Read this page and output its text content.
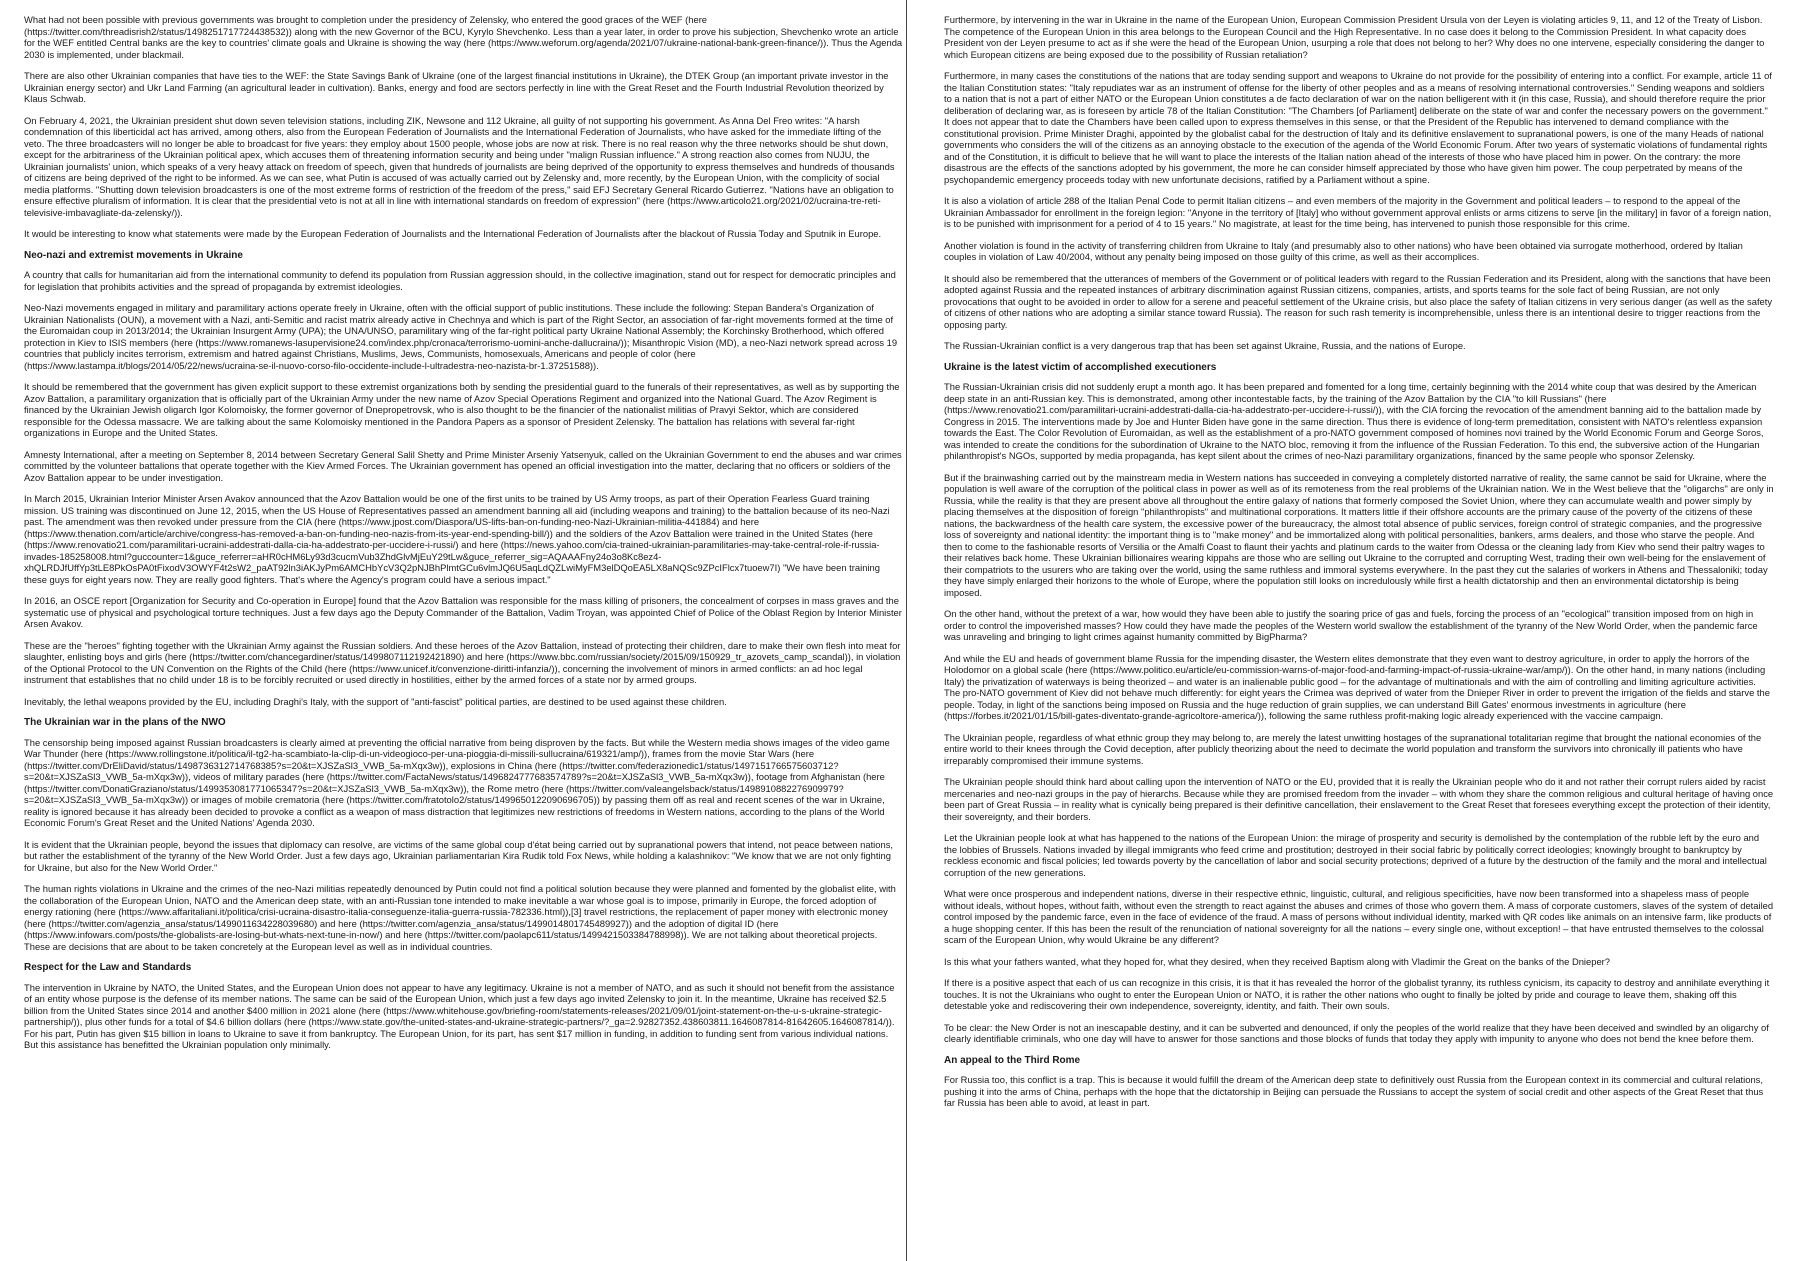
What had not been possible with previous governments was brought to completion under the presidency of Zelensky, who entered the good graces of the WEF (here (https://twitter.com/threadisrish2/status/1498251717724438532)) along with the new Governor of the BCU, Kyrylo Shevchenko. Less than a year later, in order to prove his subjection, Shevchenko wrote an article for the WEF entitled Central banks are the key to countries' climate goals and Ukraine is showing the way (here (https://www.weforum.org/agenda/2021/07/ukraine-national-bank-green-finance/)). Thus the Agenda 2030 is implemented, under blackmail.

There are also other Ukrainian companies that have ties to the WEF: the State Savings Bank of Ukraine (one of the largest financial institutions in Ukraine), the DTEK Group (an important private investor in the Ukrainian energy sector) and Ukr Land Farming (an agricultural leader in cultivation). Banks, energy and food are sectors perfectly in line with the Great Reset and the Fourth Industrial Revolution theorized by Klaus Schwab.

On February 4, 2021, the Ukrainian president shut down seven television stations, including ZIK, Newsone and 112 Ukraine, all guilty of not supporting his government. As Anna Del Freo writes: "A harsh condemnation of this liberticidal act has arrived, among others, also from the European Federation of Journalists and the International Federation of Journalists, who have asked for the immediate lifting of the veto. The three broadcasters will no longer be able to broadcast for five years: they employ about 1500 people, whose jobs are now at risk. There is no real reason why the three networks should be shut down, except for the arbitrariness of the Ukrainian political apex, which accuses them of threatening information security and being under "malign Russian influence." A strong reaction also comes from NUJU, the Ukrainian journalists' union, which speaks of a very heavy attack on freedom of speech, given that hundreds of journalists are being deprived of the opportunity to express themselves and hundreds of thousands of citizens are being deprived of the right to be informed. As we can see, what Putin is accused of was actually carried out by Zelensky and, more recently, by the European Union, with the complicity of social media platforms. "Shutting down television broadcasters is one of the most extreme forms of restriction of the freedom of the press," said EFJ Secretary General Ricardo Gutierrez. "Nations have an obligation to ensure effective pluralism of information. It is clear that the presidential veto is not at all in line with international standards on freedom of expression" (here (https://www.articolo21.org/2021/02/ucraina-tre-reti-televisive-imbavagliate-da-zelensky/)).

It would be interesting to know what statements were made by the European Federation of Journalists and the International Federation of Journalists after the blackout of Russia Today and Sputnik in Europe.

Neo-nazi and extremist movements in Ukraine

A country that calls for humanitarian aid from the international community to defend its population from Russian aggression should, in the collective imagination, stand out for respect for democratic principles and for legislation that prohibits activities and the spread of propaganda by extremist ideologies.

Neo-Nazi movements engaged in military and paramilitary actions operate freely in Ukraine, often with the official support of public institutions. These include the following: Stepan Bandera's Organization of Ukrainian Nationalists (OUN), a movement with a Nazi, anti-Semitic and racist matrix already active in Chechnya and which is part of the Right Sector, an association of far-right movements formed at the time of the Euromaidan coup in 2013/2014; the Ukrainian Insurgent Army (UPA); the UNA/UNSO, paramilitary wing of the far-right political party Ukraine National Assembly; the Korchinsky Brotherhood, which offered protection in Kiev to ISIS members (here (https://www.romanews-lasupervisione24.com/index.php/cronaca/terrorismo-uomini-anche-dallucraina/)); Misanthropic Vision (MD), a neo-Nazi network spread across 19 countries that publicly incites terrorism, extremism and hatred against Christians, Muslims, Jews, Communists, homosexuals, Americans and people of color (here (https://www.lastampa.it/blogs/2014/05/22/news/ucraina-se-il-nuovo-corso-filo-occidente-include-l-ultradestra-neo-nazista-br-1.37251588)).

It should be remembered that the government has given explicit support to these extremist organizations both by sending the presidential guard to the funerals of their representatives, as well as by supporting the Azov Battalion, a paramilitary organization that is officially part of the Ukrainian Army under the new name of Azov Special Operations Regiment and organized into the National Guard. The Azov Regiment is financed by the Ukrainian Jewish oligarch Igor Kolomoisky, the former governor of Dnepropetrovsk, who is also thought to be the financier of the nationalist militias of Pravyi Sektor, which are considered responsible for the Odessa massacre. We are talking about the same Kolomoisky mentioned in the Pandora Papers as a sponsor of President Zelensky. The battalion has relations with several far-right organizations in Europe and the United States.

Amnesty International, after a meeting on September 8, 2014 between Secretary General Salil Shetty and Prime Minister Arseniy Yatsenyuk, called on the Ukrainian Government to end the abuses and war crimes committed by the volunteer battalions that operate together with the Kiev Armed Forces. The Ukrainian government has opened an official investigation into the matter, declaring that no officers or soldiers of the Azov Battalion appear to be under investigation.

In March 2015, Ukrainian Interior Minister Arsen Avakov announced that the Azov Battalion would be one of the first units to be trained by US Army troops, as part of their Operation Fearless Guard training mission. US training was discontinued on June 12, 2015, when the US House of Representatives passed an amendment banning all aid (including weapons and training) to the battalion because of its neo-Nazi past. The amendment was then revoked under pressure from the CIA (here (https://www.jpost.com/Diaspora/US-lifts-ban-on-funding-neo-Nazi-Ukrainian-militia-441884) and here (https://www.thenation.com/article/archive/congress-has-removed-a-ban-on-funding-neo-nazis-from-its-year-end-spending-bill/)) and the soldiers of the Azov Battalion were trained in the United States (here (https://www.renovatio21.com/paramilitari-ucraini-addestrati-dalla-cia-ha-addestrato-per-uccidere-i-russi/) and here (https://news.yahoo.com/cia-trained-ukrainian-paramilitaries-may-take-central-role-if-russia-invades-185258008.html?guccounter=1&guce_referrer=aHR0cHM6Ly93d3cucmVub3ZhdGlvMjEuY29tLw&guce_referrer_sig=AQAAAFny24o3o8Kc8ez4-xhQLRDJfUffYp3tLE8PkOsPA0tFixodV3OWYF4t2sW2_paAT92ln3iAKJyPm6AMCHbYcV3Q2pNJBhPlmtGCu6vlmJQ6U5aqLdQZLwiMyFM3elDQoEA5LX8aNQSc9ZPcIFlcx7tuoew7I) "We have been training these guys for eight years now. They are really good fighters. That's where the Agency's program could have a serious impact."

In 2016, an OSCE report [Organization for Security and Co-operation in Europe] found that the Azov Battalion was responsible for the mass killing of prisoners, the concealment of corpses in mass graves and the systematic use of physical and psychological torture techniques. Just a few days ago the Deputy Commander of the Battalion, Vadim Troyan, was appointed Chief of Police of the Oblast Region by Interior Minister Arsen Avakov.

These are the "heroes" fighting together with the Ukrainian Army against the Russian soldiers. And these heroes of the Azov Battalion, instead of protecting their children, dare to make their own flesh into meat for slaughter, enlisting boys and girls (here (https://twitter.com/chancegardiner/status/1499807112192421890) and here (https://www.bbc.com/russian/society/2015/09/150929_tr_azovets_camp_scandal)), in violation of the Optional Protocol to the UN Convention on the Rights of the Child (here (https://www.unicef.it/convenzione-diritti-infanzia/)), concerning the involvement of minors in armed conflicts: an ad hoc legal instrument that establishes that no child under 18 is to be forcibly recruited or used directly in hostilities, either by the armed forces of a state nor by armed groups.

Inevitably, the lethal weapons provided by the EU, including Draghi's Italy, with the support of "anti-fascist" political parties, are destined to be used against these children.

The Ukrainian war in the plans of the NWO

The censorship being imposed against Russian broadcasters is clearly aimed at preventing the official narrative from being disproven by the facts. But while the Western media shows images of the video game War Thunder (here (https://www.rollingstone.it/politica/il-tg2-ha-scambiato-la-clip-di-un-videogioco-per-una-pioggia-di-missili-sullucraina/619321/amp/)), frames from the movie Star Wars (here (https://twitter.com/DrEliDavid/status/1498736312714768385?s=20&t=XJSZaSl3_VWB_5a-mXqx3w)), explosions in China (here (https://twitter.com/federazionedic1/status/1497151766575603712?s=20&t=XJSZaSl3_VWB_5a-mXqx3w)), videos of military parades (here (https://twitter.com/FactaNews/status/1496824777683574789?s=20&t=XJSZaSl3_VWB_5a-mXqx3w)), footage from Afghanistan (here (https://twitter.com/DonatiGraziano/status/1499353081771065347?s=20&t=XJSZaSl3_VWB_5a-mXqx3w)), the Rome metro (here (https://twitter.com/valeangelsback/status/1498910882276909979?s=20&t=XJSZaSl3_VWB_5a-mXqx3w)) or images of mobile crematoria (here (https://twitter.com/fratotolo2/status/1499650122090696705)) by passing them off as real and recent scenes of the war in Ukraine, reality is ignored because it has already been decided to provoke a conflict as a weapon of mass distraction that legitimizes new restrictions of freedoms in Western nations, according to the plans of the World Economic Forum's Great Reset and the United Nations' Agenda 2030.

It is evident that the Ukrainian people, beyond the issues that diplomacy can resolve, are victims of the same global coup d'état being carried out by supranational powers that intend, not peace between nations, but rather the establishment of the tyranny of the New World Order. Just a few days ago, Ukrainian parliamentarian Kira Rudik told Fox News, while holding a kalashnikov: "We know that we are not only fighting for Ukraine, but also for the New World Order."

The human rights violations in Ukraine and the crimes of the neo-Nazi militias repeatedly denounced by Putin could not find a political solution because they were planned and fomented by the globalist elite, with the collaboration of the European Union, NATO and the American deep state, with an anti-Russian tone intended to make inevitable a war whose goal is to impose, primarily in Europe, the forced adoption of energy rationing (here (https://www.affaritaliani.it/politica/crisi-ucraina-disastro-italia-conseguenze-italia-guerra-russia-782336.html)),[3] travel restrictions, the replacement of paper money with electronic money (here (https://twitter.com/agenzia_ansa/status/1499011634228039680) and here (https://twitter.com/agenzia_ansa/status/1499014801745489927)) and the adoption of digital ID (here (https://www.infowars.com/posts/the-globalists-are-losing-but-whats-next-tune-in-now/) and here (https://twitter.com/paolapc611/status/1499421503384788998)). We are not talking about theoretical projects. These are decisions that are about to be taken concretely at the European level as well as in individual countries.

Respect for the Law and Standards

The intervention in Ukraine by NATO, the United States, and the European Union does not appear to have any legitimacy. Ukraine is not a member of NATO, and as such it should not benefit from the assistance of an entity whose purpose is the defense of its member nations. The same can be said of the European Union, which just a few days ago invited Zelensky to join it. In the meantime, Ukraine has received $2.5 billion from the United States since 2014 and another $400 million in 2021 alone (here (https://www.whitehouse.gov/briefing-room/statements-releases/2021/09/01/joint-statement-on-the-u-s-ukraine-strategic-partnership/)), plus other funds for a total of $4.6 billion dollars (here (https://www.state.gov/the-united-states-and-ukraine-strategic-partners/?_ga=2.92827352.438603811.1646087814-81642605.1646087814/)). For his part, Putin has given $15 billion in loans to Ukraine to save it from bankruptcy. The European Union, for its part, has sent $17 million in funding, in addition to funding sent from various individual nations. But this assistance has benefitted the Ukrainian population only minimally.

Furthermore, by intervening in the war in Ukraine in the name of the European Union, European Commission President Ursula von der Leyen is violating articles 9, 11, and 12 of the Treaty of Lisbon. The competence of the European Union in this area belongs to the European Council and the High Representative. In no case does it belong to the Commission President. In what capacity does President von der Leyen presume to act as if she were the head of the European Union, usurping a role that does not belong to her? Why does no one intervene, especially considering the danger to which European citizens are being exposed due to the possibility of Russian retaliation?

Furthermore, in many cases the constitutions of the nations that are today sending support and weapons to Ukraine do not provide for the possibility of entering into a conflict. For example, article 11 of the Italian Constitution states: "Italy repudiates war as an instrument of offense for the liberty of other peoples and as a means of resolving international controversies." Sending weapons and soldiers to a nation that is not a part of either NATO or the European Union constitutes a de facto declaration of war on the nation belligerent with it (in this case, Russia), and should therefore require the prior deliberation of declaring war, as is foreseen by article 78 of the Italian Constitution: "The Chambers [of Parliament] deliberate on the state of war and confer the necessary powers on the government." It does not appear that to date the Chambers have been called upon to express themselves in this sense, or that the President of the Republic has intervened to demand compliance with the constitutional provision. Prime Minister Draghi, appointed by the globalist cabal for the destruction of Italy and its definitive enslavement to supranational powers, is one of the many Heads of national governments who considers the will of the citizens as an annoying obstacle to the execution of the agenda of the World Economic Forum. After two years of systematic violations of fundamental rights and of the Constitution, it is difficult to believe that he will want to place the interests of the Italian nation ahead of the interests of those who have placed him in power. On the contrary: the more disastrous are the effects of the sanctions adopted by his government, the more he can consider himself appreciated by those who have given him power. The coup perpetrated by means of the psychopandemic emergency proceeds today with new unfortunate decisions, ratified by a Parliament without a spine.

It is also a violation of article 288 of the Italian Penal Code to permit Italian citizens – and even members of the majority in the Government and political leaders – to respond to the appeal of the Ukrainian Ambassador for enrollment in the foreign legion: "Anyone in the territory of [Italy] who without government approval enlists or arms citizens to serve [in the military] in favor of a foreign nation, is to be punished with imprisonment for a period of 4 to 15 years." No magistrate, at least for the time being, has intervened to punish those responsible for this crime.

Another violation is found in the activity of transferring children from Ukraine to Italy (and presumably also to other nations) who have been obtained via surrogate motherhood, ordered by Italian couples in violation of Law 40/2004, without any penalty being imposed on those guilty of this crime, as well as their accomplices.

It should also be remembered that the utterances of members of the Government or of political leaders with regard to the Russian Federation and its President, along with the sanctions that have been adopted against Russia and the repeated instances of arbitrary discrimination against Russian citizens, companies, artists, and sports teams for the sole fact of being Russian, are not only provocations that ought to be avoided in order to allow for a serene and peaceful settlement of the Ukraine crisis, but also place the safety of Italian citizens in very serious danger (as well as the safety of citizens of other nations who are adopting a similar stance toward Russia). The reason for such rash temerity is incomprehensible, unless there is an intentional desire to trigger reactions from the opposing party.

The Russian-Ukrainian conflict is a very dangerous trap that has been set against Ukraine, Russia, and the nations of Europe.

Ukraine is the latest victim of accomplished executioners

The Russian-Ukrainian crisis did not suddenly erupt a month ago. It has been prepared and fomented for a long time, certainly beginning with the 2014 white coup that was desired by the American deep state in an anti-Russian key. This is demonstrated, among other incontestable facts, by the training of the Azov Battalion by the CIA "to kill Russians" (here (https://www.renovatio21.com/paramilitari-ucraini-addestrati-dalla-cia-ha-addestrato-per-uccidere-i-russi/)), with the CIA forcing the revocation of the amendment banning aid to the battalion made by Congress in 2015. The interventions made by Joe and Hunter Biden have gone in the same direction. Thus there is evidence of long-term premeditation, consistent with NATO's relentless expansion towards the East. The Color Revolution of Euromaidan, as well as the establishment of a pro-NATO government composed of homines novi trained by the World Economic Forum and George Soros, was intended to create the conditions for the subordination of Ukraine to the NATO bloc, removing it from the influence of the Russian Federation. To this end, the subversive action of the Hungarian philanthropist's NGOs, supported by media propaganda, has kept silent about the crimes of neo-Nazi paramilitary organizations, financed by the same people who sponsor Zelensky.

But if the brainwashing carried out by the mainstream media in Western nations has succeeded in conveying a completely distorted narrative of reality, the same cannot be said for Ukraine, where the population is well aware of the corruption of the political class in power as well as of its remoteness from the real problems of the Ukrainian nation. We in the West believe that the "oligarchs" are only in Russia, while the reality is that they are present above all throughout the entire galaxy of nations that formerly composed the Soviet Union, where they can accumulate wealth and power simply by placing themselves at the disposition of foreign "philanthropists" and multinational corporations. It matters little if their offshore accounts are the primary cause of the poverty of the citizens of these nations, the backwardness of the health care system, the excessive power of the bureaucracy, the almost total absence of public services, foreign control of strategic companies, and the progressive loss of sovereignty and national identity: the important thing is to "make money" and be immortalized along with political personalities, bankers, arms dealers, and those who starve the people. And then to come to the fashionable resorts of Versilia or the Amalfi Coast to flaunt their yachts and platinum cards to the waiter from Odessa or the cleaning lady from Kiev who send their paltry wages to their relatives back home. These Ukrainian billionaires wearing kippahs are those who are selling out Ukraine to the corrupted and corrupting West, trading their own well-being for the enslavement of their compatriots to the usurers who are taking over the world, using the same ruthless and immoral systems everywhere. In the past they cut the salaries of workers in Athens and Thessaloniki; today they have simply enlarged their horizons to the whole of Europe, where the population still looks on incredulously while first a health dictatorship and then an environmental dictatorship is being imposed.

On the other hand, without the pretext of a war, how would they have been able to justify the soaring price of gas and fuels, forcing the process of an "ecological" transition imposed from on high in order to control the impoverished masses? How could they have made the peoples of the Western world swallow the establishment of the tyranny of the New World Order, when the pandemic farce was unraveling and bringing to light crimes against humanity committed by BigPharma?

And while the EU and heads of government blame Russia for the impending disaster, the Western elites demonstrate that they even want to destroy agriculture, in order to apply the horrors of the Holodomor on a global scale (here (https://www.politico.eu/article/eu-commission-warns-of-major-food-and-farming-impact-of-russia-ukraine-war/amp/)). On the other hand, in many nations (including Italy) the privatization of waterways is being theorized – and water is an inalienable public good – for the advantage of multinationals and with the aim of controlling and limiting agriculture activities. The pro-NATO government of Kiev did not behave much differently: for eight years the Crimea was deprived of water from the Dnieper River in order to prevent the irrigation of the fields and starve the people. Today, in light of the sanctions being imposed on Russia and the huge reduction of grain supplies, we can understand Bill Gates' enormous investments in agriculture (here (https://forbes.it/2021/01/15/bill-gates-diventato-grande-agricoltore-america/)), following the same ruthless profit-making logic already experienced with the vaccine campaign.

The Ukrainian people, regardless of what ethnic group they may belong to, are merely the latest unwitting hostages of the supranational totalitarian regime that brought the national economies of the entire world to their knees through the Covid deception, after publicly theorizing about the need to decimate the world population and transform the survivors into chronically ill patients who have irreparably compromised their immune systems.

The Ukrainian people should think hard about calling upon the intervention of NATO or the EU, provided that it is really the Ukrainian people who do it and not rather their corrupt rulers aided by racist mercenaries and neo-nazi groups in the pay of hierarchs. Because while they are promised freedom from the invader – with whom they share the common religious and cultural heritage of having once been part of Great Russia – in reality what is cynically being prepared is their definitive cancellation, their enslavement to the Great Reset that foresees everything except the protection of their identity, their sovereignty, and their borders.

Let the Ukrainian people look at what has happened to the nations of the European Union: the mirage of prosperity and security is demolished by the contemplation of the rubble left by the euro and the lobbies of Brussels. Nations invaded by illegal immigrants who feed crime and prostitution; destroyed in their social fabric by politically correct ideologies; knowingly brought to bankruptcy by reckless economic and fiscal policies; led towards poverty by the cancellation of labor and social security protections; deprived of a future by the destruction of the family and the moral and intellectual corruption of the new generations.

What were once prosperous and independent nations, diverse in their respective ethnic, linguistic, cultural, and religious specificities, have now been transformed into a shapeless mass of people without ideals, without hopes, without faith, without even the strength to react against the abuses and crimes of those who govern them. A mass of corporate customers, slaves of the system of detailed control imposed by the pandemic farce, even in the face of evidence of the fraud. A mass of persons without individual identity, marked with QR codes like animals on an intensive farm, like products of a huge shopping center. If this has been the result of the renunciation of national sovereignty for all the nations – every single one, without exception! – that have entrusted themselves to the colossal scam of the European Union, why would Ukraine be any different?

Is this what your fathers wanted, what they hoped for, what they desired, when they received Baptism along with Vladimir the Great on the banks of the Dnieper?

If there is a positive aspect that each of us can recognize in this crisis, it is that it has revealed the horror of the globalist tyranny, its ruthless cynicism, its capacity to destroy and annihilate everything it touches. It is not the Ukrainians who ought to enter the European Union or NATO, it is rather the other nations who ought to finally be jolted by pride and courage to leave them, shaking off this detestable yoke and rediscovering their own independence, sovereignty, identity, and faith. Their own souls.

To be clear: the New Order is not an inescapable destiny, and it can be subverted and denounced, if only the peoples of the world realize that they have been deceived and swindled by an oligarchy of clearly identifiable criminals, who one day will have to answer for those sanctions and those blocks of funds that today they apply with impunity to anyone who does not bend the knee before them.

An appeal to the Third Rome

For Russia too, this conflict is a trap. This is because it would fulfill the dream of the American deep state to definitively oust Russia from the European context in its commercial and cultural relations, pushing it into the arms of China, perhaps with the hope that the dictatorship in Beijing can persuade the Russians to accept the system of social credit and other aspects of the Great Reset that thus far Russia has been able to avoid, at least in part.
